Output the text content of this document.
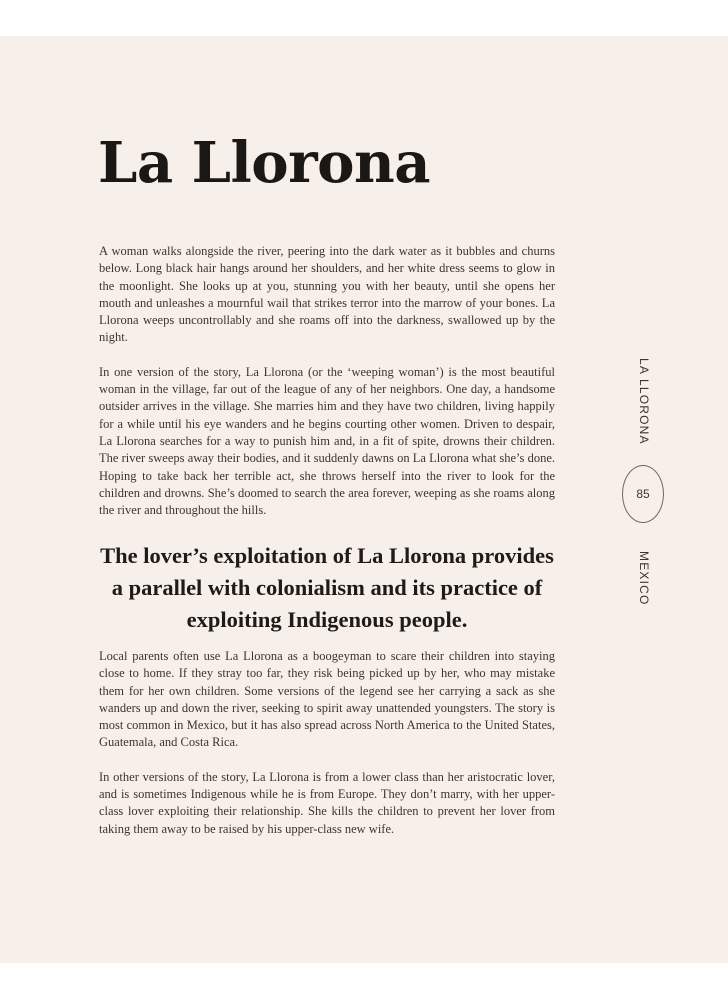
La Llorona

A woman walks alongside the river, peering into the dark water as it bubbles and churns below. Long black hair hangs around her shoulders, and her white dress seems to glow in the moonlight. She looks up at you, stunning you with her beauty, until she opens her mouth and unleashes a mournful wail that strikes terror into the marrow of your bones. La Llorona weeps uncontrollably and she roams off into the darkness, swallowed up by the night.

In one version of the story, La Llorona (or the ‘weeping woman’) is the most beautiful woman in the village, far out of the league of any of her neighbors. One day, a handsome outsider arrives in the village. She marries him and they have two children, living happily for a while until his eye wanders and he begins courting other women. Driven to despair, La Llorona searches for a way to punish him and, in a fit of spite, drowns their children. The river sweeps away their bodies, and it suddenly dawns on La Llorona what she’s done. Hoping to take back her terrible act, she throws herself into the river to look for the children and drowns. She’s doomed to search the area forever, weeping as she roams along the river and throughout the hills.

The lover’s exploitation of La Llorona provides a parallel with colonialism and its practice of exploiting Indigenous people.

Local parents often use La Llorona as a boogeyman to scare their children into staying close to home. If they stray too far, they risk being picked up by her, who may mistake them for her own children. Some versions of the legend see her carrying a sack as she wanders up and down the river, seeking to spirit away unattended youngsters. The story is most common in Mexico, but it has also spread across North America to the United States, Guatemala, and Costa Rica.

In other versions of the story, La Llorona is from a lower class than her aristocratic lover, and is sometimes Indigenous while he is from Europe. They don’t marry, with her upper-class lover exploiting their relationship. She kills the children to prevent her lover from taking them away to be raised by his upper-class new wife.

LA LLORONA
85
MEXICO
